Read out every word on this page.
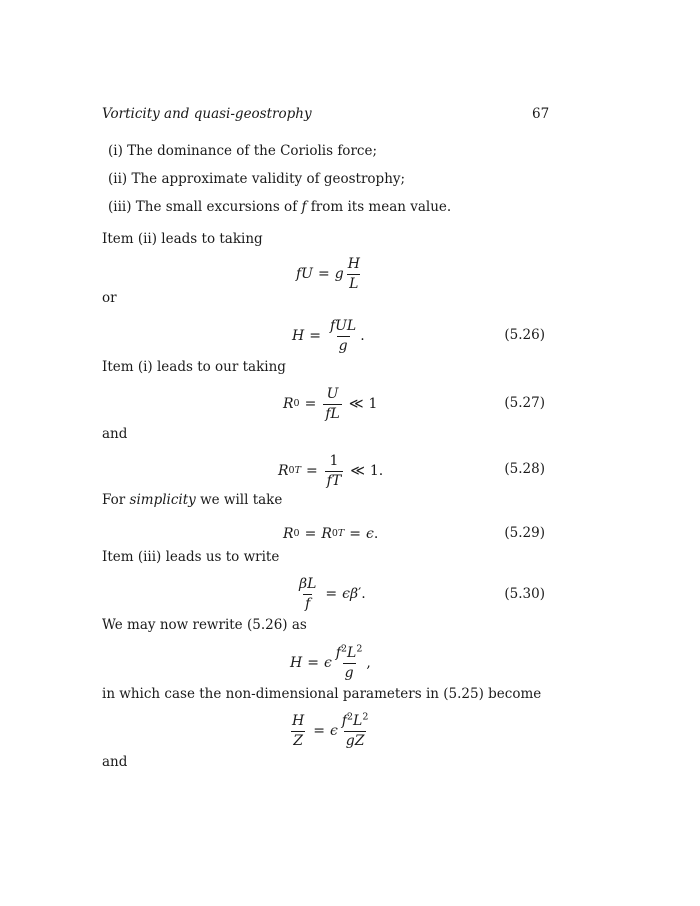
Vorticity and quasi-geostrophy	67
(i) The dominance of the Coriolis force;
(ii) The approximate validity of geostrophy;
(iii) The small excursions of f from its mean value.
Item (ii) leads to taking
fU = g $\frac{H}{L}$
or
$H = \frac{\text{fUL}}{g}$ .	(5.26)
Item (i) leads to our taking
R $0 = \frac{U}{fL}$ ≪ 1	(5.27)
and
R $0T = \frac{1}{fT}$ ≪ 1.	(5.28)
For simplicity we will take
R 0 = R 0T = ϵ .	(5.29)
Item (iii) leads us to write
$\frac{\beta L}{f} = \epsilon\beta$ ′.	(5.30)
We may now rewrite (5.26) as
H = ϵ $\frac{f^2L^2}{g}$ ,
in which case the non-dimensional parameters in (5.25) become
$\frac{H}{Z} = \epsilon \frac{f^2L^2}{gZ}$
and
